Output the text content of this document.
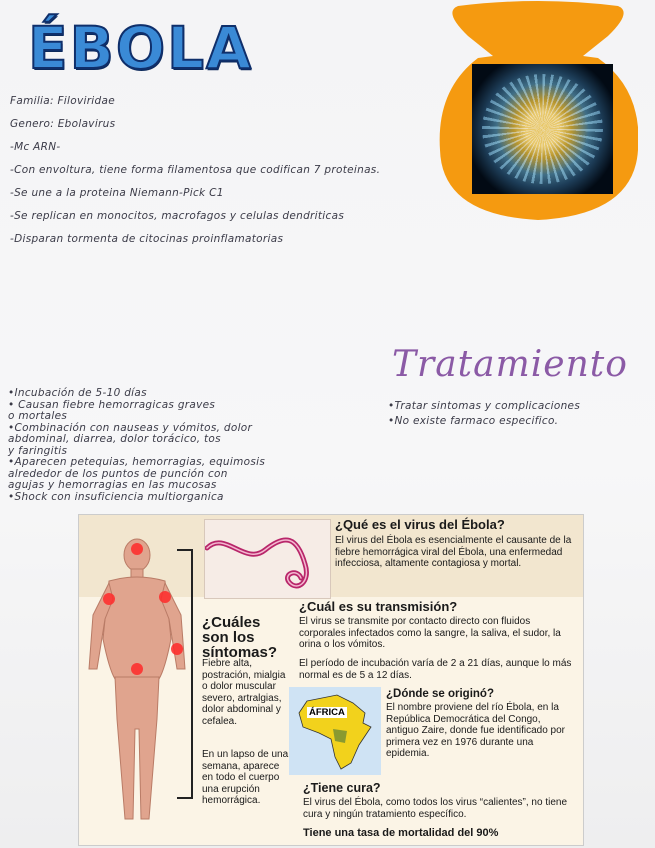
ÉBOLA
Familia: Filoviridae
Genero: Ebolavirus
-Mc ARN-
-Con envoltura, tiene forma filamentosa que codifican 7 proteinas.
-Se une a la proteina Niemann-Pick C1
-Se replican en monocitos, macrofagos y celulas dendriticas
-Disparan tormenta de citocinas proinflamatorias
•Incubación de 5-10 días
• Causan fiebre hemorragicas graves
o mortales
•Combinación con nauseas y vómitos, dolor
abdominal, diarrea, dolor torácico, tos
y faringitis
•Aparecen petequias, hemorragias, equimosis
alrededor de los puntos de punción con
agujas y hemorragias en las mucosas
•Shock con insuficiencia multiorganica
Tratamiento
•Tratar sintomas y complicaciones
•No existe farmaco especifico.
¿Qué es el virus del Ébola?
El virus del Ébola es esencialmente el causante de la fiebre hemorrágica viral del Ébola, una enfermedad infecciosa, altamente contagiosa y mortal.
¿Cuál es su transmisión?
El virus se transmite por contacto directo con fluidos corporales infectados como la sangre, la saliva, el sudor, la orina o los vómitos.
El período de incubación varía de 2 a 21 días, aunque lo más normal es de 5 a 12 días.
¿Cuáles son los síntomas?
Fiebre alta, postración, mialgia o dolor muscular severo, artralgias, dolor abdominal y cefalea.
En un lapso de una semana, aparece en todo el cuerpo una erupción hemorrágica.
ÁFRICA
¿Dónde se originó?
El nombre proviene del río Ébola, en la República Democrática del Congo, antiguo Zaire, donde fue identificado por primera vez en 1976 durante una epidemia.
¿Tiene cura?
El virus del Ébola, como todos los virus “calientes”, no tiene cura y ningún tratamiento específico.
Tiene una tasa de mortalidad del 90%
